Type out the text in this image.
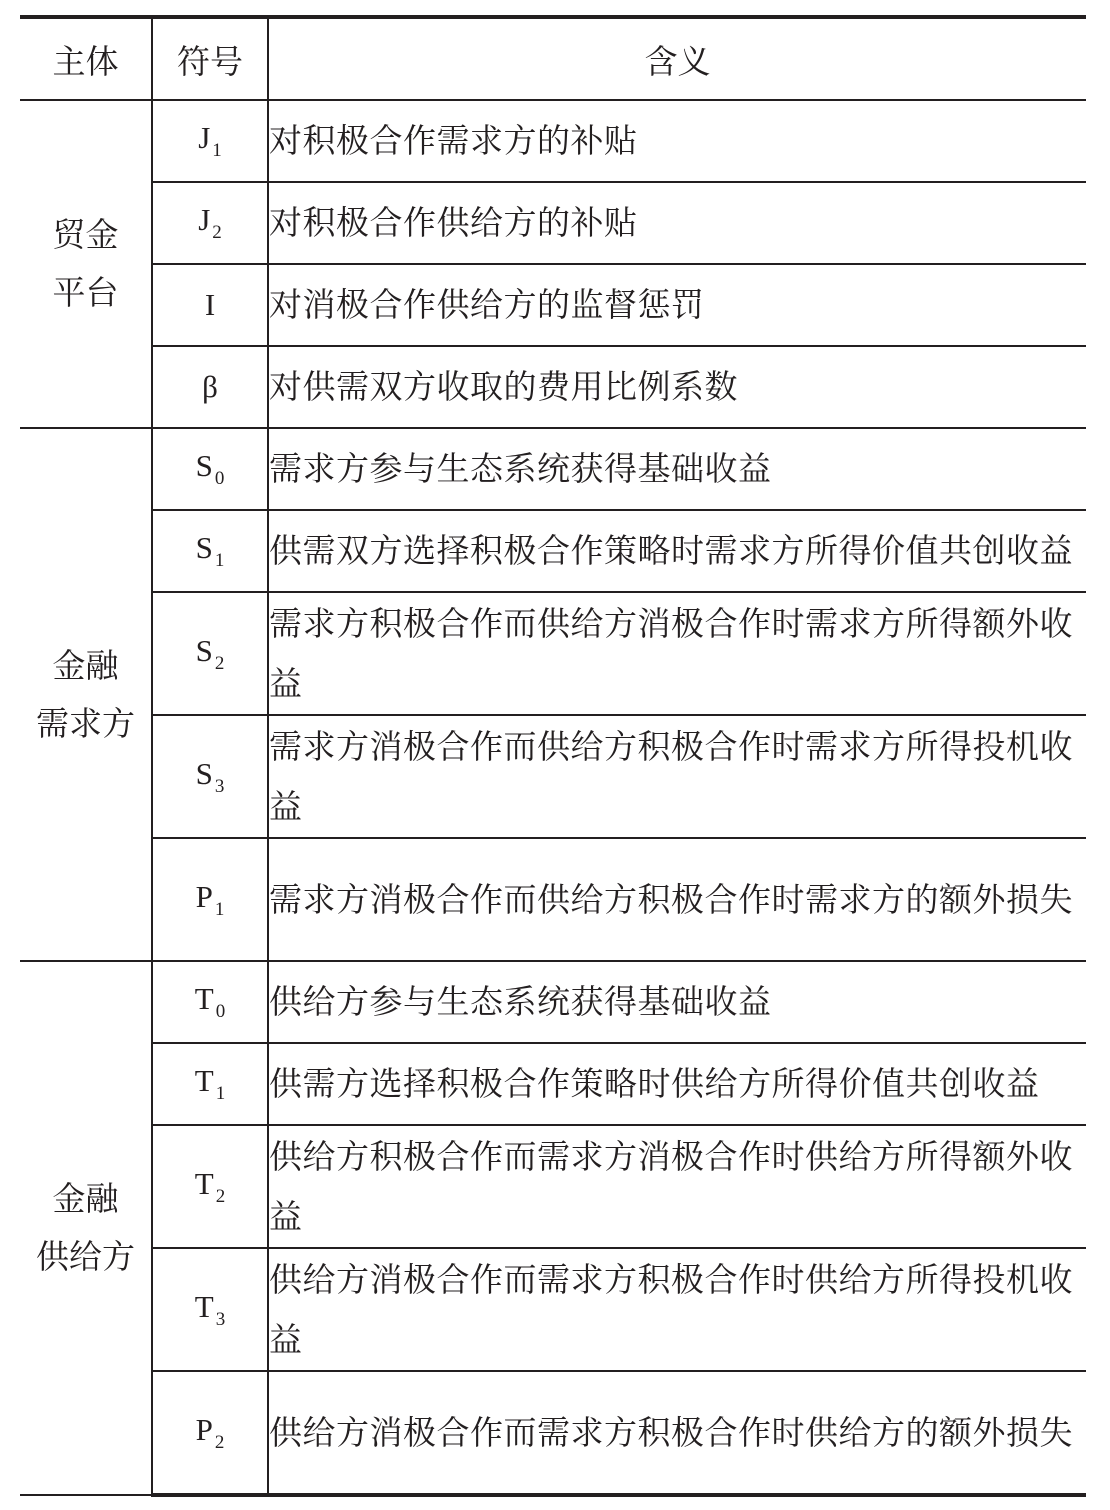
主体	符号	含义

贸金
平台	J $_1$	对积极合作需求方的补贴
	J $_2$	对积极合作供给方的补贴
	I	对消极合作供给方的监督惩罚
	β	对供需双方收取的费用比例系数

金融
需求方	S $_0$	需求方参与生态系统获得基础收益
	S $_1$	供需双方选择积极合作策略时需求方所得价值共创收益
	S $_2$	需求方积极合作而供给方消极合作时需求方所得额外收益
	S $_3$	需求方消极合作而供给方积极合作时需求方所得投机收益
	P $_1$	需求方消极合作而供给方积极合作时需求方的额外损失

金融
供给方	T $_0$	供给方参与生态系统获得基础收益
	T $_1$	供需方选择积极合作策略时供给方所得价值共创收益
	T $_2$	供给方积极合作而需求方消极合作时供给方所得额外收益
	T $_3$	供给方消极合作而需求方积极合作时供给方所得投机收益
	P $_2$	供给方消极合作而需求方积极合作时供给方的额外损失
